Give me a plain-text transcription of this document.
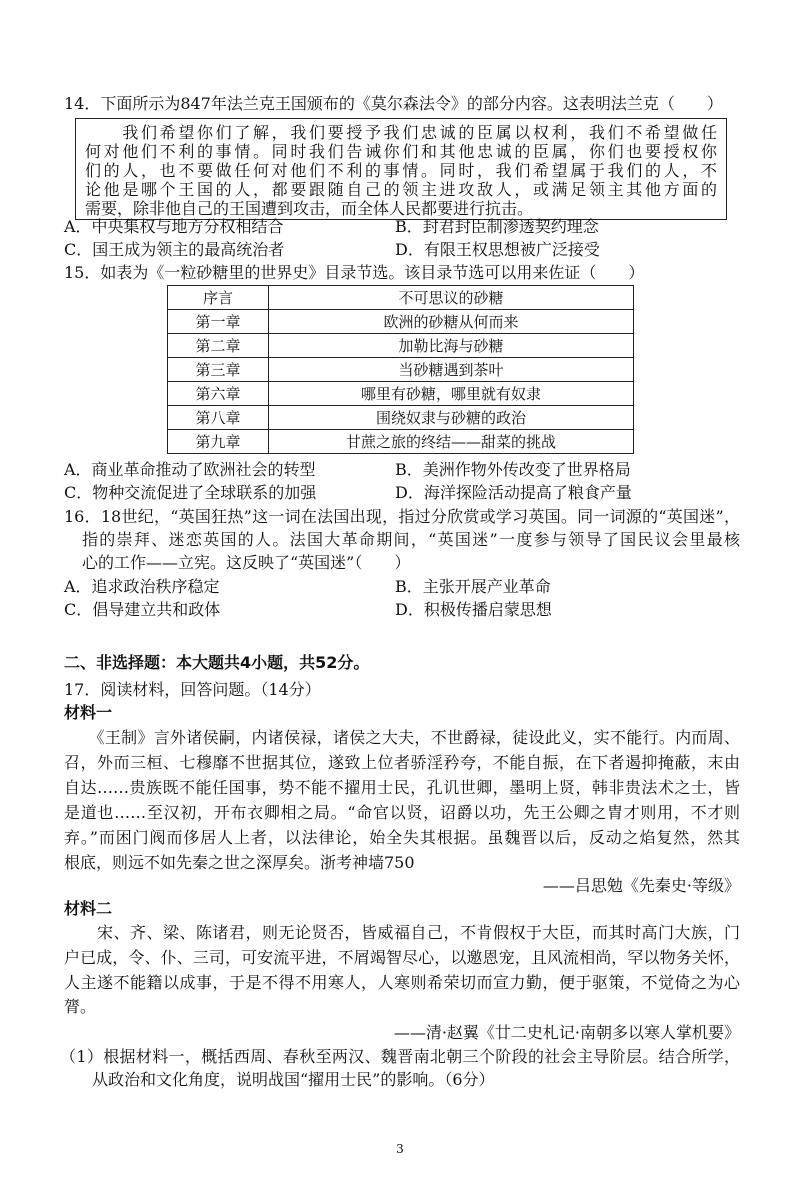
14．下面所示为847年法兰克王国颁布的《莫尔森法令》的部分内容。这表明法兰克（　　）
　　我们希望你们了解，我们要授予我们忠诚的臣属以权利，我们不希望做任
何对他们不利的事情。同时我们告诫你们和其他忠诚的臣属，你们也要授权你
们的人，也不要做任何对他们不利的事情。同时，我们希望属于我们的人，不
论他是哪个王国的人，都要跟随自己的领主进攻敌人，或满足领主其他方面的
需要，除非他自己的王国遭到攻击，而全体人民都要进行抗击。
A．中央集权与地方分权相结合	B．封君封臣制渗透契约理念
C．国王成为领主的最高统治者	D．有限王权思想被广泛接受
15．如表为《一粒砂糖里的世界史》目录节选。该目录节选可以用来佐证（　　）
序言	不可思议的砂糖
第一章	欧洲的砂糖从何而来
第二章	加勒比海与砂糖
第三章	当砂糖遇到茶叶
第六章	哪里有砂糖，哪里就有奴隶
第八章	围绕奴隶与砂糖的政治
第九章	甘蔗之旅的终结——甜菜的挑战
A．商业革命推动了欧洲社会的转型	B．美洲作物外传改变了世界格局
C．物种交流促进了全球联系的加强	D．海洋探险活动提高了粮食产量
16．18世纪，“英国狂热”这一词在法国出现，指过分欣赏或学习英国。同一词源的“英国迷”，
指的崇拜、迷恋英国的人。法国大革命期间，“英国迷”一度参与领导了国民议会里最核
心的工作——立宪。这反映了“英国迷”（　　）
A．追求政治秩序稳定	B．主张开展产业革命
C．倡导建立共和政体	D．积极传播启蒙思想
二、非选择题：本大题共4小题，共52分。
17．阅读材料，回答问题。（14分）
材料一
　　《王制》言外诸侯嗣，内诸侯禄，诸侯之大夫，不世爵禄，徒设此义，实不能行。内而周、
召，外而三桓、七穆靡不世据其位，遂致上位者骄淫矜夸，不能自振，在下者遏抑掩蔽，末由
自达……贵族既不能任国事，势不能不擢用士民，孔讥世卿，墨明上贤，韩非贵法术之士，皆
是道也……至汉初，开布衣卿相之局。“命官以贤，诏爵以功，先王公卿之胄才则用，不才则
弃。”而困门阀而侈居人上者，以法律论，始全失其根据。虽魏晋以后，反动之焰复然，然其
根底，则远不如先秦之世之深厚矣。浙考神墙750
——吕思勉《先秦史·等级》
材料二
　　宋、齐、梁、陈诸君，则无论贤否，皆威福自己，不肯假权于大臣，而其时高门大族，门
户已成，令、仆、三司，可安流平进，不屑竭智尽心，以邀恩宠，且风流相尚，罕以物务关怀，
人主遂不能籍以成事，于是不得不用寒人，人寒则希荣切而宣力勤，便于驱策，不觉倚之为心
膂。
——清·赵翼《廿二史札记·南朝多以寒人掌机要》
（1）根据材料一，概括西周、春秋至两汉、魏晋南北朝三个阶段的社会主导阶层。结合所学，
　　从政治和文化角度，说明战国“擢用士民”的影响。（6分）
3
